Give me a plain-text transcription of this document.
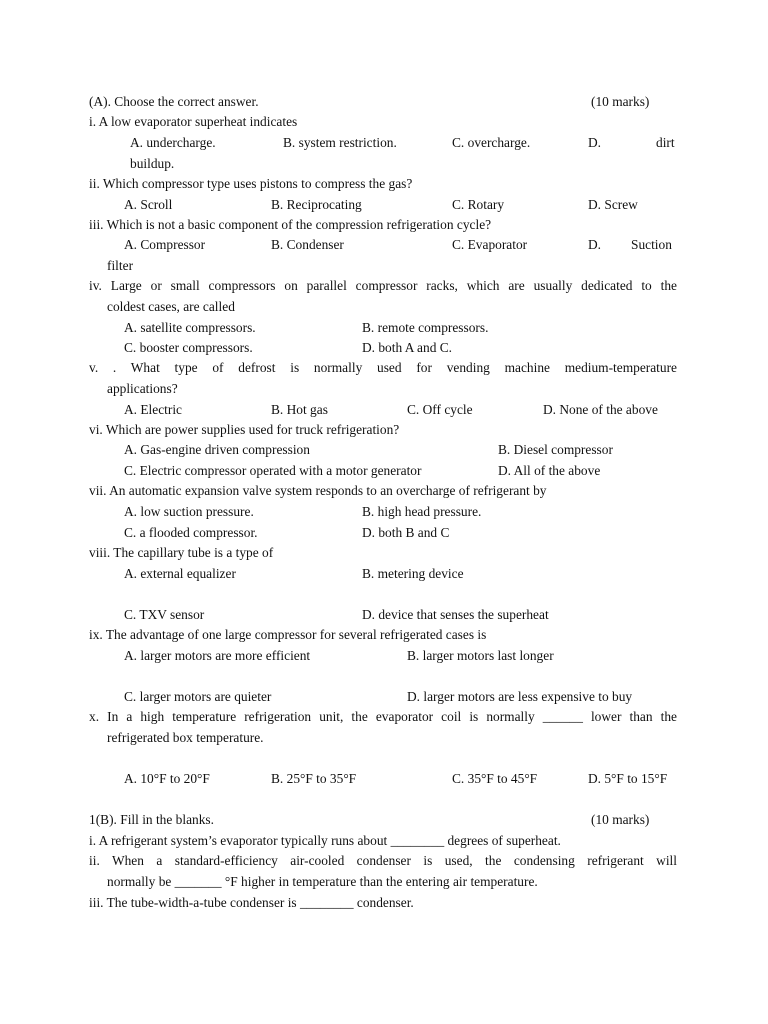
(A). Choose the correct answer.	(10 marks)
i. A low evaporator superheat indicates
A. undercharge.	B. system restriction.	C. overcharge.	D.	dirt
buildup.
ii. Which compressor type uses pistons to compress the gas?
A. Scroll	B. Reciprocating	C. Rotary	D. Screw
iii. Which is not a basic component of the compression refrigeration cycle?
A. Compressor	B. Condenser	C. Evaporator	D. Suction
filter
iv. Large or small compressors on parallel compressor racks, which are usually dedicated to the
coldest cases, are called
A. satellite compressors.	B. remote compressors.
C. booster compressors.	D. both A and C.
v. . What type of defrost is normally used for vending machine medium-temperature
applications?
A. Electric	B. Hot gas	C. Off cycle	D. None of the above
vi. Which are power supplies used for truck refrigeration?
A. Gas-engine driven compression	B. Diesel compressor
C. Electric compressor operated with a motor generator	D. All of the above
vii. An automatic expansion valve system responds to an overcharge of refrigerant by
A. low suction pressure.	B. high head pressure.
C. a flooded compressor.	D. both B and C
viii. The capillary tube is a type of
A. external equalizer	B. metering device
C. TXV sensor	D. device that senses the superheat
ix. The advantage of one large compressor for several refrigerated cases is
A. larger motors are more efficient	B. larger motors last longer
C. larger motors are quieter	D. larger motors are less expensive to buy
x. In a high temperature refrigeration unit, the evaporator coil is normally ______ lower than the
refrigerated box temperature.
A. 10°F to 20°F	B. 25°F to 35°F	C. 35°F to 45°F	D. 5°F to 15°F
1(B). Fill in the blanks.	(10 marks)
i. A refrigerant system’s evaporator typically runs about ________ degrees of superheat.
ii. When a standard-efficiency air-cooled condenser is used, the condensing refrigerant will
normally be _______ °F higher in temperature than the entering air temperature.
iii. The tube-width-a-tube condenser is ________ condenser.
